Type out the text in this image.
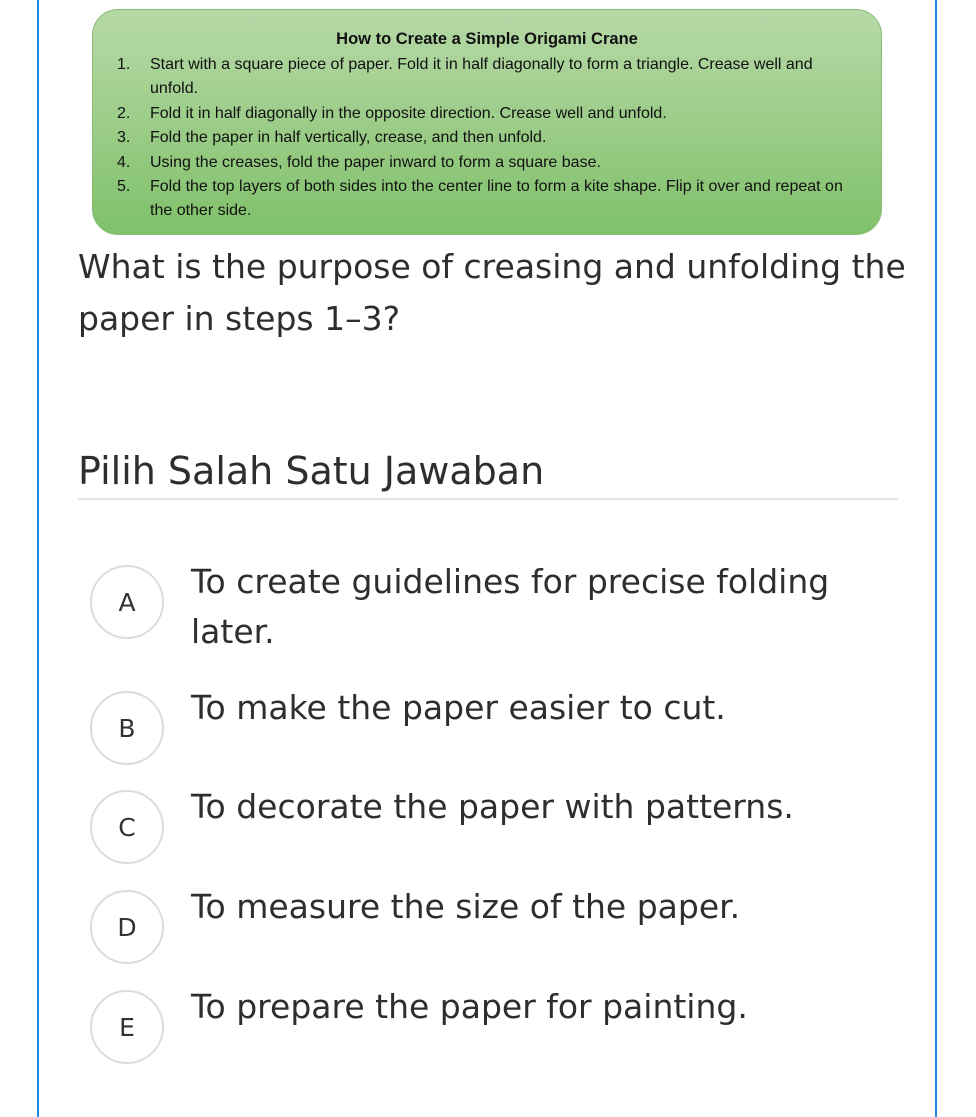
How to Create a Simple Origami Crane
1.	Start with a square piece of paper. Fold it in half diagonally to form a triangle. Crease well and unfold.
2.	Fold it in half diagonally in the opposite direction. Crease well and unfold.
3.	Fold the paper in half vertically, crease, and then unfold.
4.	Using the creases, fold the paper inward to form a square base.
5.	Fold the top layers of both sides into the center line to form a kite shape. Flip it over and repeat on the other side.
What is the purpose of creasing and unfolding the paper in steps 1–3?
Pilih Salah Satu Jawaban
A
To create guidelines for precise folding later.
B
To make the paper easier to cut.
C
To decorate the paper with patterns.
D
To measure the size of the paper.
E
To prepare the paper for painting.
